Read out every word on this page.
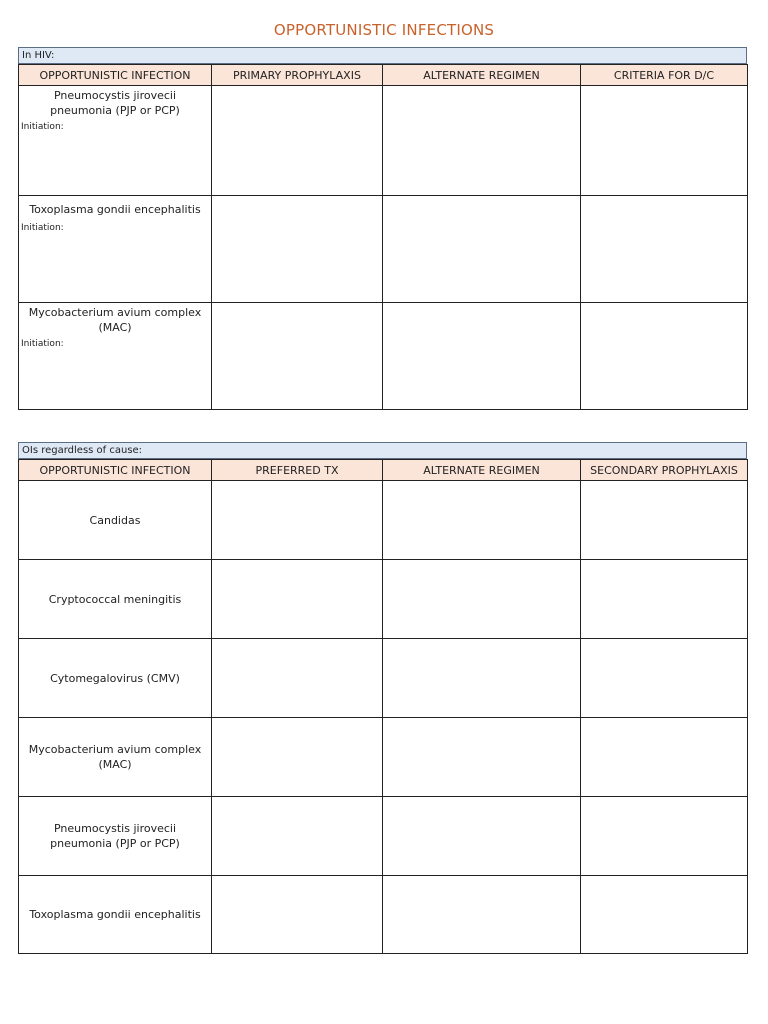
OPPORTUNISTIC INFECTIONS
In HIV:
OPPORTUNISTIC INFECTION	PRIMARY PROPHYLAXIS	ALTERNATE REGIMEN	CRITERIA FOR D/C

Pneumocystis jirovecii pneumonia (PJP or PCP)
Initiation:			

Toxoplasma gondii encephalitis
Initiation:			

Mycobacterium avium complex (MAC)
Initiation:			

OIs regardless of cause:
OPPORTUNISTIC INFECTION	PREFERRED TX	ALTERNATE REGIMEN	SECONDARY PROPHYLAXIS
Candidas			
Cryptococcal meningitis			
Cytomegalovirus (CMV)			
Mycobacterium avium complex (MAC)			
Pneumocystis jirovecii pneumonia (PJP or PCP)			
Toxoplasma gondii encephalitis			
